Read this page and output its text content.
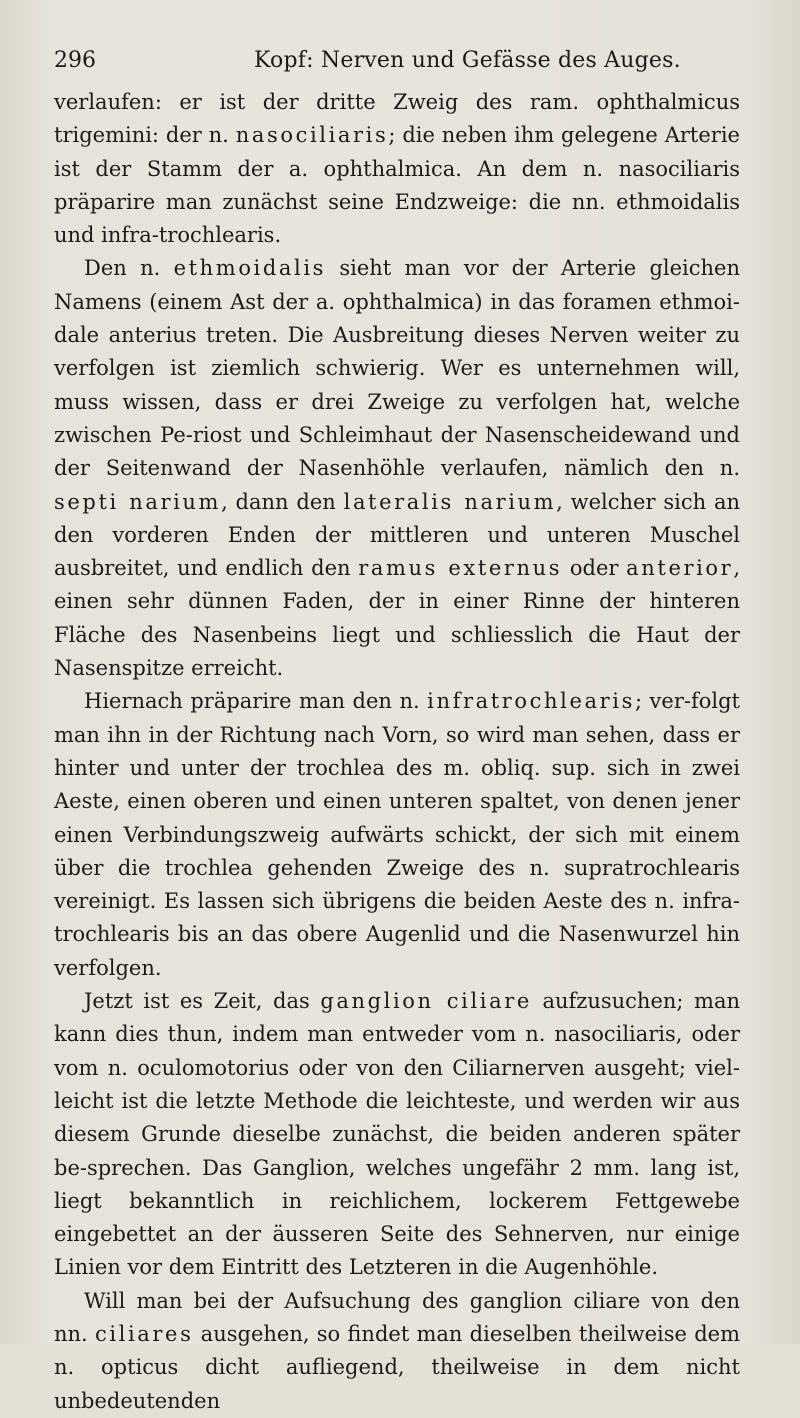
296	Kopf: Nerven und Gefässe des Auges.

verlaufen: er ist der dritte Zweig des ram. ophthalmicus trigemini: der n. nasociliaris; die neben ihm gelegene Arterie ist der Stamm der a. ophthalmica. An dem n. nasociliaris präparire man zunächst seine Endzweige: die nn. ethmoidalis und infra-trochlearis.

Den n. ethmoidalis sieht man vor der Arterie gleichen Namens (einem Ast der a. ophthalmica) in das foramen ethmoi-dale anterius treten. Die Ausbreitung dieses Nerven weiter zu verfolgen ist ziemlich schwierig. Wer es unternehmen will, muss wissen, dass er drei Zweige zu verfolgen hat, welche zwischen Pe-riost und Schleimhaut der Nasenscheidewand und der Seitenwand der Nasenhöhle verlaufen, nämlich den n. septi narium, dann den lateralis narium, welcher sich an den vorderen Enden der mittleren und unteren Muschel ausbreitet, und endlich den ramus externus oder anterior, einen sehr dünnen Faden, der in einer Rinne der hinteren Fläche des Nasenbeins liegt und schliesslich die Haut der Nasenspitze erreicht.

Hiernach präparire man den n. infratrochlearis; ver-folgt man ihn in der Richtung nach Vorn, so wird man sehen, dass er hinter und unter der trochlea des m. obliq. sup. sich in zwei Aeste, einen oberen und einen unteren spaltet, von denen jener einen Verbindungszweig aufwärts schickt, der sich mit einem über die trochlea gehenden Zweige des n. supratrochlearis vereinigt. Es lassen sich übrigens die beiden Aeste des n. infra-trochlearis bis an das obere Augenlid und die Nasenwurzel hin verfolgen.

Jetzt ist es Zeit, das ganglion ciliare aufzusuchen; man kann dies thun, indem man entweder vom n. nasociliaris, oder vom n. oculomotorius oder von den Ciliarnerven ausgeht; viel-leicht ist die letzte Methode die leichteste, und werden wir aus diesem Grunde dieselbe zunächst, die beiden anderen später be-sprechen. Das Ganglion, welches ungefähr 2 mm. lang ist, liegt bekanntlich in reichlichem, lockerem Fettgewebe eingebettet an der äusseren Seite des Sehnerven, nur einige Linien vor dem Eintritt des Letzteren in die Augenhöhle.

Will man bei der Aufsuchung des ganglion ciliare von den nn. ciliares ausgehen, so findet man dieselben theilweise dem n. opticus dicht aufliegend, theilweise in dem nicht unbedeutenden
